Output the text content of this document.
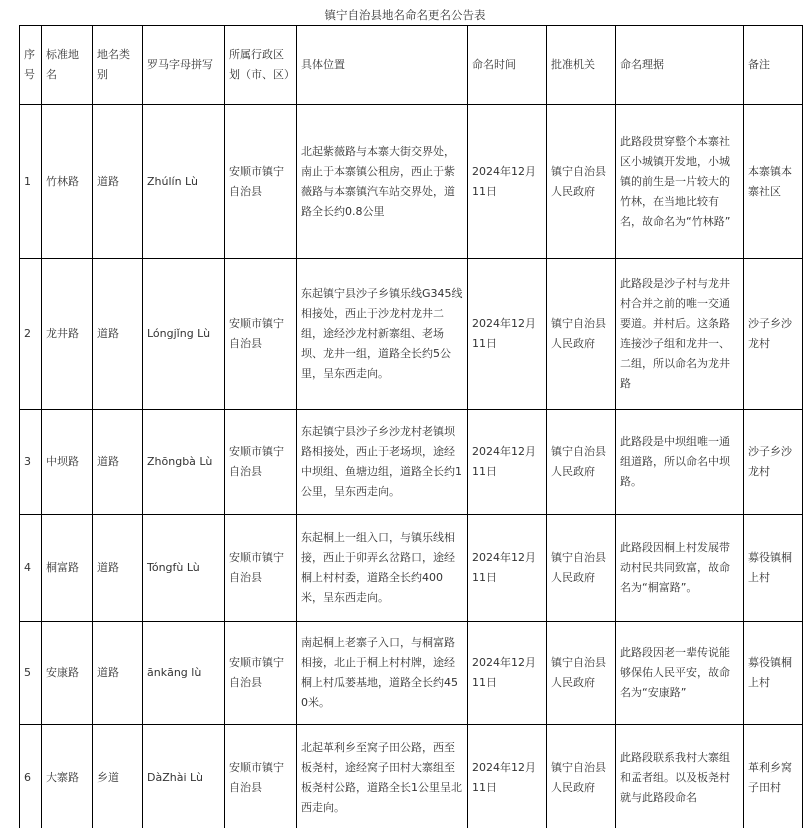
镇宁自治县地名命名更名公告表
序号	标准地名	地名类别	罗马字母拼写	所属行政区划（市、区）	具体位置	命名时间	批准机关	命名理据	备注
1	竹林路	道路	Zhúlín Lù	安顺市镇宁自治县	北起紫薇路与本寨大街交界处，南止于本寨镇公租房，西止于紫薇路与本寨镇汽车站交界处，道路全长约0.8公里	2024年12月11日	镇宁自治县人民政府	此路段贯穿整个本寨社区小城镇开发地，小城镇的前生是一片较大的竹林，在当地比较有名，故命名为“竹林路”	本寨镇本寨社区
2	龙井路	道路	Lóngjǐng Lù	安顺市镇宁自治县	东起镇宁县沙子乡镇乐线G345线相接处，西止于沙龙村龙井二组，途经沙龙村新寨组、老场坝、龙井一组，道路全长约5公里，呈东西走向。	2024年12月11日	镇宁自治县人民政府	此路段是沙子村与龙井村合并之前的唯一交通要道。并村后。这条路连接沙子组和龙井一、二组，所以命名为龙井路	沙子乡沙龙村
3	中坝路	道路	Zhōngbà Lù	安顺市镇宁自治县	东起镇宁县沙子乡沙龙村老镇坝路相接处，西止于老场坝，途经中坝组、鱼塘边组，道路全长约1公里，呈东西走向。	2024年12月11日	镇宁自治县人民政府	此路段是中坝组唯一通组道路，所以命名中坝路。	沙子乡沙龙村
4	桐富路	道路	Tóngfù Lù	安顺市镇宁自治县	东起桐上一组入口，与镇乐线相接，西止于卯弄幺岔路口，途经桐上村村委，道路全长约400米，呈东西走向。	2024年12月11日	镇宁自治县人民政府	此路段因桐上村发展带动村民共同致富，故命名为“桐富路”。	募役镇桐上村
5	安康路	道路	ānkāng lù	安顺市镇宁自治县	南起桐上老寨子入口，与桐富路相接，北止于桐上村村牌，途经桐上村瓜蒌基地，道路全长约450米。	2024年12月11日	镇宁自治县人民政府	此路段因老一辈传说能够保佑人民平安，故命名为“安康路”	募役镇桐上村
6	大寨路	乡道	DàZhài Lù	安顺市镇宁自治县	北起革利乡至窝子田公路，西至板尧村，途经窝子田村大寨组至板尧村公路，道路全长1公里呈北西走向。	2024年12月11日	镇宁自治县人民政府	此路段联系我村大寨组和孟者组。以及板尧村就与此路段命名	革利乡窝子田村
